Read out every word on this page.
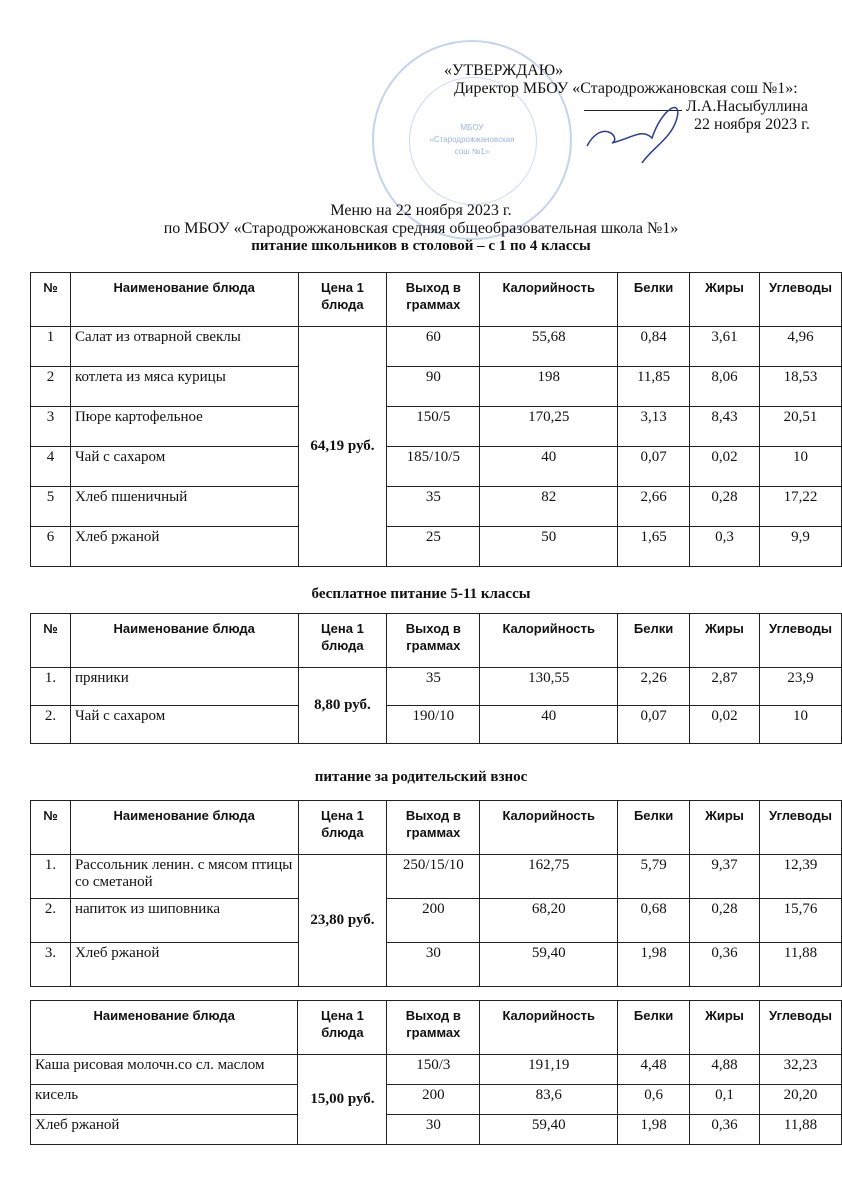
МБОУ
«Стародрожжановская
сош №1»
«УТВЕРЖДАЮ»
Директор МБОУ «Стародрожжановская сош №1»:
Л.А.Насыбуллина
22 ноября 2023 г.
Меню на 22 ноября 2023 г.
по МБОУ «Стародрожжановская средняя общеобразовательная школа №1»
питание школьников в столовой – с 1 по 4 классы
№	Наименование блюда	Цена 1 блюда	Выход в граммах	Калорийность	Белки	Жиры	Углеводы
1	Салат из отварной свеклы	64,19 руб.	60	55,68	0,84	3,61	4,96
2	котлета из мяса курицы		90	198	11,85	8,06	18,53
3	Пюре картофельное		150/5	170,25	3,13	8,43	20,51
4	Чай с сахаром		185/10/5	40	0,07	0,02	10
5	Хлеб пшеничный		35	82	2,66	0,28	17,22
6	Хлеб ржаной		25	50	1,65	0,3	9,9
бесплатное питание 5-11 классы
№	Наименование блюда	Цена 1 блюда	Выход в граммах	Калорийность	Белки	Жиры	Углеводы
1.	пряники	8,80 руб.	35	130,55	2,26	2,87	23,9
2.	Чай с сахаром		190/10	40	0,07	0,02	10
питание за родительский взнос
№	Наименование блюда	Цена 1 блюда	Выход в граммах	Калорийность	Белки	Жиры	Углеводы
1.	Рассольник ленин. с мясом птицы со сметаной	23,80 руб.	250/15/10	162,75	5,79	9,37	12,39
2.	напиток из шиповника		200	68,20	0,68	0,28	15,76
3.	Хлеб ржаной		30	59,40	1,98	0,36	11,88
Наименование блюда	Цена 1 блюда	Выход в граммах	Калорийность	Белки	Жиры	Углеводы
Каша рисовая молочн.со сл. маслом	15,00 руб.	150/3	191,19	4,48	4,88	32,23
кисель		200	83,6	0,6	0,1	20,20
Хлеб ржаной		30	59,40	1,98	0,36	11,88
